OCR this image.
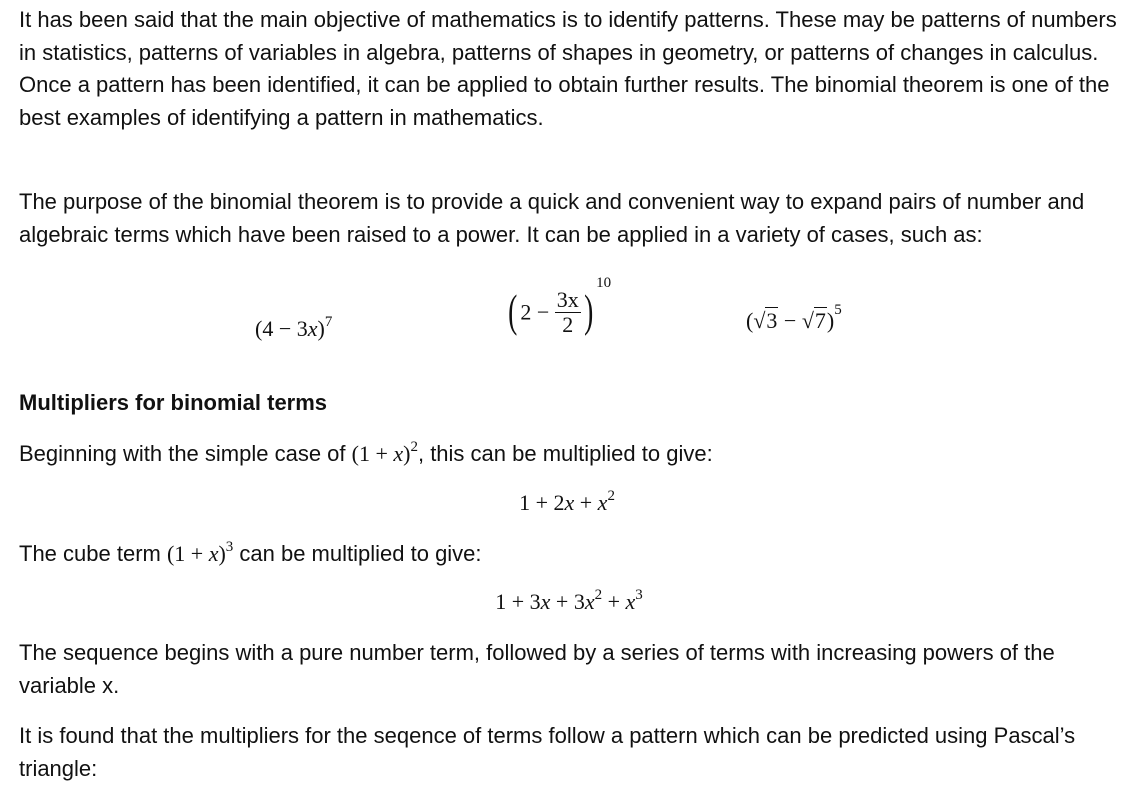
It has been said that the main objective of mathematics is to identify patterns. These may be patterns of numbers in statistics, patterns of variables in algebra, patterns of shapes in geometry, or patterns of changes in calculus. Once a pattern has been identified, it can be applied to obtain further results. The binomial theorem is one of the best examples of identifying a pattern in mathematics.

The purpose of the binomial theorem is to provide a quick and convenient way to expand pairs of number and algebraic terms which have been raised to a power. It can be applied in a variety of cases, such as:

$(4 - 3x)^7$	( $2 - \frac{3x}{2} )^{10}$
$(√3 - √7)^5$

Multipliers for binomial terms

Beginning with the simple case of $(1 + x)^2$, this can be multiplied to give:

$1 + 2x + x^2$

The cube term $(1 + x)^3$ can be multiplied to give:

$1 + 3x + 3x^2 + x^3$

The sequence begins with a pure number term, followed by a series of terms with increasing powers of the variable x.

It is found that the multipliers for the seqence of terms follow a pattern which can be predicted using Pascal’s triangle:
